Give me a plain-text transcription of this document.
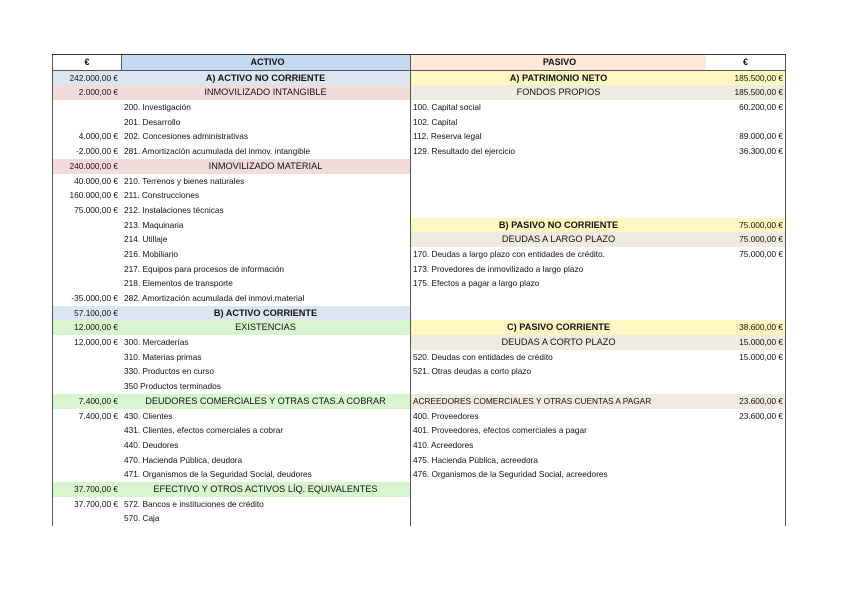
€	ACTIVO	PASIVO	€
242.000,00 €	A) ACTIVO NO CORRIENTE	A) PATRIMONIO NETO	185.500,00 €
2.000,00 €	INMOVILIZADO INTANGIBLE	FONDOS PROPIOS	185.500,00 €
200. Investigación	100. Capital social	60.200,00 €
201. Desarrollo	102. Capital
4.000,00 € 202. Concesiones administrativas	112. Reserva legal	89.000,00 €
-2.000,00 € 281. Amortización acumulada del inmov. intangible	129. Resultado del ejercicio	36.300,00 €
240.000,00 €	INMOVILIZADO MATERIAL
40.000,00 € 210. Terrenos y bienes naturales
160.000,00 € 211. Construcciones
75.000,00 € 212. Instalaciones técnicas
213. Maquinaria	B) PASIVO NO CORRIENTE	75.000,00 €
214. Utillaje	DEUDAS A LARGO PLAZO	75.000,00 €
216. Mobiliario	170. Deudas a largo plazo con entidades de crédito.	75.000,00 €
217. Equipos para procesos de información	173. Provedores de inmovilizado a largo plazo
218. Elementos de transporte	175. Efectos a pagar a largo plazo
-35.000,00 € 282. Amortización acumulada del inmovi.material
57.100,00 €	B) ACTIVO CORRIENTE
12.000,00 €	EXISTENCIAS	C) PASIVO CORRIENTE	38.600,00 €
12.000,00 € 300. Mercaderías	DEUDAS A CORTO PLAZO	15.000,00 €
310. Materias primas	520. Deudas con entidades de crédito	15.000,00 €
330. Productos en curso	521. Otras deudas a corto plazo
350 Productos terminados
7.400,00 €	DEUDORES COMERCIALES Y OTRAS CTAS.A COBRAR	ACREEDORES COMERCIALES Y OTRAS CUENTAS A PAGAR	23.600,00 €
7.400,00 € 430. Clientes	400. Proveedores	23.600,00 €
431. Clientes, efectos comerciales a cobrar	401. Proveedores, efectos comerciales a pagar
440. Deudores	410. Acreedores
470. Hacienda Pública, deudora	475. Hacienda Pública, acreedora
471. Organismos de la Seguridad Social, deudores	476. Organismos de la Seguridad Social, acreedores
37.700,00 €	EFECTIVO Y OTROS ACTIVOS LÍQ. EQUIVALENTES
37.700,00 € 572. Bancos e instituciones de crédito
570. Caja
